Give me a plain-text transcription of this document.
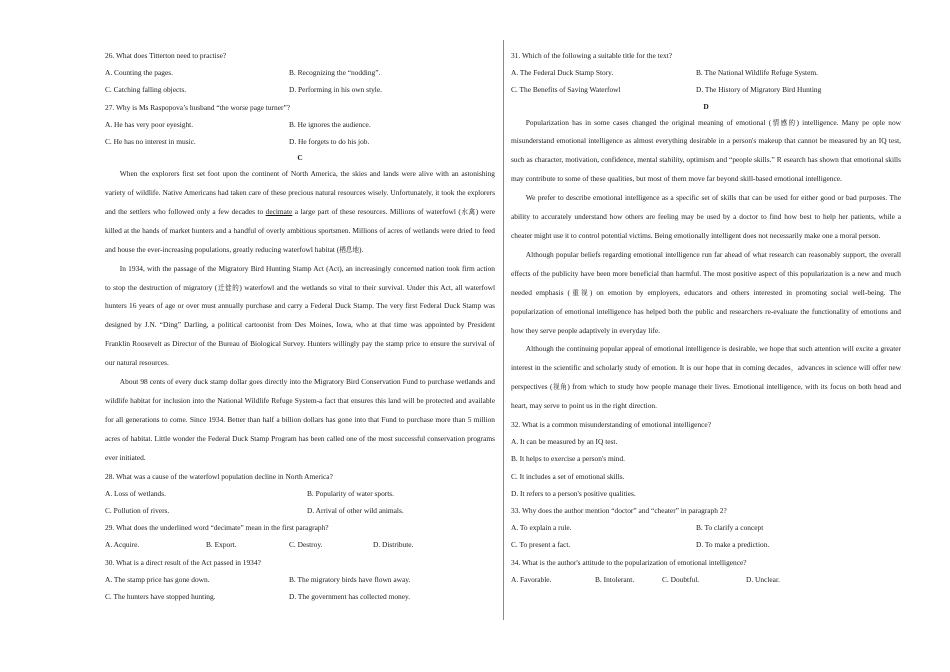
26. What does Titterton need to practise?
A. Counting the pages.	B. Recognizing the “nodding”.
C. Catching falling objects.	D. Performing in his own style.
27. Why is Ms Raspopova’s husband “the worse page turner”?
A. He has very poor eyesight.	B. He ignores the audience.
C. He has no interest in music.	D. He forgets to do his job.
C

When the explorers first set foot upon the continent of North America, the skies and lands were alive with an astonishing variety of wildlife. Native Americans had taken care of these precious natural resources wisely. Unfortunately, it took the explorers and the settlers who followed only a few decades to decimate a large part of these resources. Millions of waterfowl (水禽) were killed at the hands of market hunters and a handful of overly ambitious sportsmen. Millions of acres of wetlands were dried to feed and house the ever-increasing populations, greatly reducing waterfowl habitat (栖息地).

In 1934, with the passage of the Migratory Bird Hunting Stamp Act (Act), an increasingly concerned nation took firm action to stop the destruction of migratory (迁徙的) waterfowl and the wetlands so vital to their survival. Under this Act, all waterfowl hunters 16 years of age or over must annually purchase and carry a Federal Duck Stamp. The very first Federal Duck Stamp was designed by J.N. “Ding” Darling, a political cartoonist from Des Moines, Iowa, who at that time was appointed by President Franklin Roosevelt as Director of the Bureau of Biological Survey. Hunters willingly pay the stamp price to ensure the survival of our natural resources.

About 98 cents of every duck stamp dollar goes directly into the Migratory Bird Conservation Fund to purchase wetlands and wildlife habitat for inclusion into the National Wildlife Refuge System-a fact that ensures this land will be protected and available for all generations to come. Since 1934. Better than half a billion dollars has gone into that Fund to purchase more than 5 million acres of habitat. Little wonder the Federal Duck Stamp Program has been called one of the most successful conservation programs ever initiated.

28. What was a cause of the waterfowl population decline in North America?
A. Loss of wetlands.	B. Popularity of water sports.
C. Pollution of rivers.	D. Arrival of other wild animals.
29. What does the underlined word “decimate” mean in the first paragraph?
A. Acquire.	B. Export.	C. Destroy.	D. Distribute.
30. What is a direct result of the Act passed in 1934?
A. The stamp price has gone down.	B. The migratory birds have flown away.
C. The hunters have stopped hunting.	D. The government has collected money.
31. Which of the following a suitable title for the text?
A. The Federal Duck Stamp Story.	B. The National Wildlife Refuge System.
C. The Benefits of Saving Waterfowl	D. The History of Migratory Bird Hunting
D

Popularization has in some cases changed the original meaning of emotional (情感的) intelligence. Many pe ople now misunderstand emotional intelligence as almost everything desirable in a person's makeup that cannot be measured by an IQ test, such as character, motivation, confidence, mental stability, optimism and “people skills.” R esearch has shown that emotional skills may contribute to some of these qualities, but most of them move far beyond skill-based emotional intelligence.

We prefer to describe emotional intelligence as a specific set of skills that can be used for either good or bad purposes. The ability to accurately understand how others are feeling may be used by a doctor to find how best to help her patients, while a cheater might use it to control potential victims. Being emotionally intelligent does not necessarily make one a moral person.

Although popular beliefs regarding emotional intelligence run far ahead of what research can reasonably support, the overall effects of the publicity have been more beneficial than harmful. The most positive aspect of this popularization is a new and much needed emphasis (重视) on emotion by employers, educators and others interested in promoting social well-being. The popularization of emotional intelligence has helped both the public and researchers re-evaluate the functionality of emotions and how they serve people adaptively in everyday life.

Although the continuing popular appeal of emotional intelligence is desirable, we hope that such attention will excite a greater interest in the scientific and scholarly study of emotion. It is our hope that in coming decades，advances in science will offer new perspectives (视角) from which to study how people manage their lives. Emotional intelligence, with its focus on both head and heart, may serve to point us in the right direction.

32. What is a common misunderstanding of emotional intelligence?
A. It can be measured by an IQ test.
B. It helps to exercise a person's mind.
C. It includes a set of emotional skills.
D. It refers to a person's positive qualities.
33. Why does the author mention “doctor” and “cheater” in paragraph 2?
A. To explain a rule.	B. To clarify a concept
C. To present a fact.	D. To make a prediction.
34. What is the author's attitude to the popularization of emotional intelligence?
A. Favorable.	B. Intolerant.	C. Doubtful.	D. Unclear.
